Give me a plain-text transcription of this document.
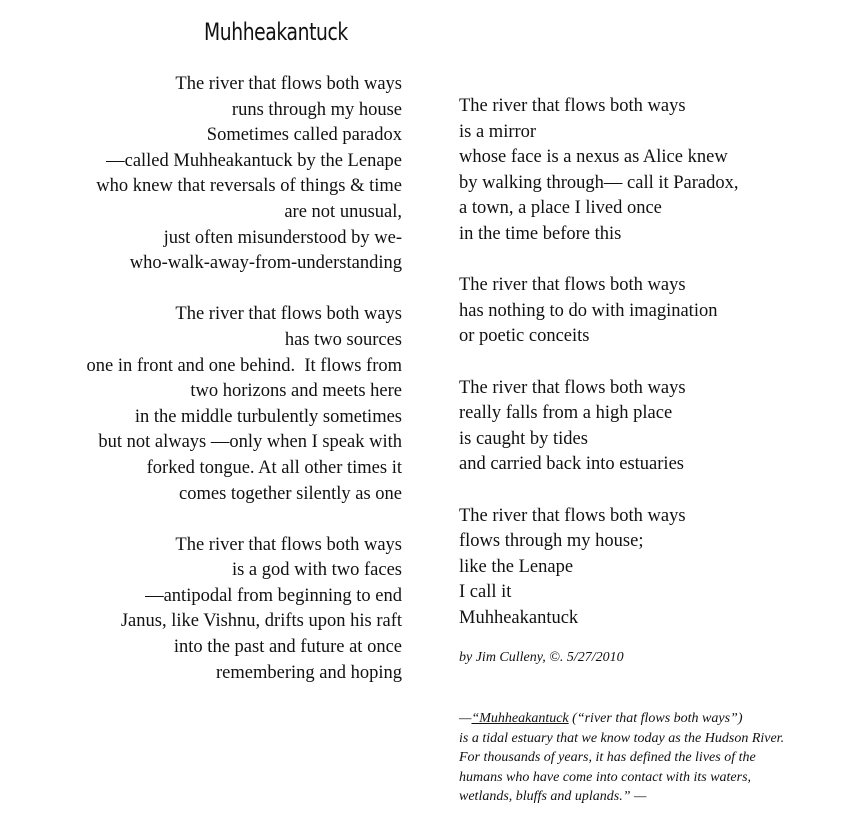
Muhheakantuck
The river that flows both ways
runs through my house
Sometimes called paradox
—called Muhheakantuck by the Lenape
who knew that reversals of things & time
are not unusual,
just often misunderstood by we-
who-walk-away-from-understanding
The river that flows both ways
has two sources
one in front and one behind.  It flows from
two horizons and meets here
in the middle turbulently sometimes
but not always —only when I speak with
forked tongue. At all other times it
comes together silently as one
The river that flows both ways
is a god with two faces
—antipodal from beginning to end
Janus, like Vishnu, drifts upon his raft
into the past and future at once
remembering and hoping
The river that flows both ways
is a mirror
whose face is a nexus as Alice knew
by walking through— call it Paradox,
a town, a place I lived once
in the time before this
The river that flows both ways
has nothing to do with imagination
or poetic conceits
The river that flows both ways
really falls from a high place
is caught by tides
and carried back into estuaries
The river that flows both ways
flows through my house;
like the Lenape
I call it
Muhheakantuck
by Jim Culleny, ©. 5/27/2010
—“Muhheakantuck (“river that flows both ways”)
is a tidal estuary that we know today as the Hudson River.
For thousands of years, it has defined the lives of the
humans who have come into contact with its waters,
wetlands, bluffs and uplands.” —
